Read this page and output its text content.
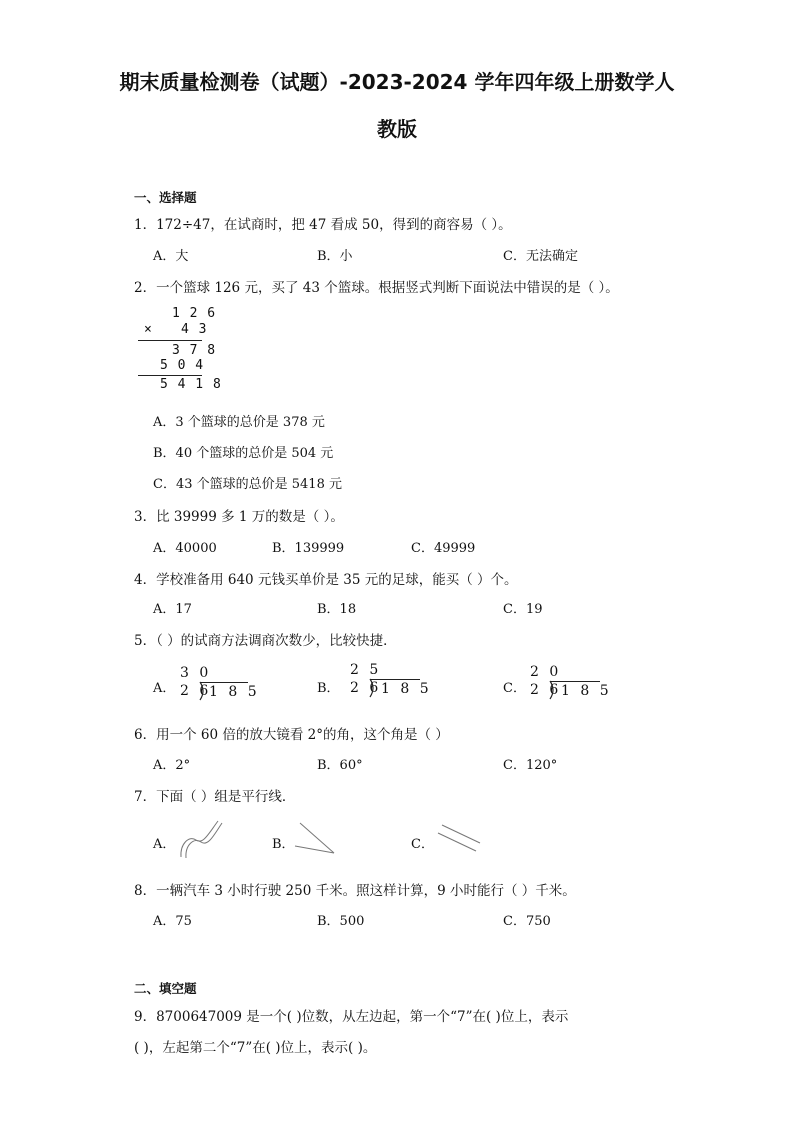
期末质量检测卷（试题）-2023-2024 学年四年级上册数学人
教版
一、选择题
1．172÷47，在试商时，把 47 看成 50，得到的商容易（ ）。
A．大	B．小	C．无法确定
2．一个篮球 126 元，买了 43 个篮球。根据竖式判断下面说法中错误的是（ ）。
1 2 6
× 4 3
3 7 8
5 0 4
5 4 1 8
A．3 个篮球的总价是 378 元
B．40 个篮球的总价是 504 元
C．43 个篮球的总价是 5418 元
3．比 39999 多 1 万的数是（ ）。
A．40000	B．139999	C．49999
4．学校准备用 640 元钱买单价是 35 元的足球，能买（ ）个。
A．17	B．18	C．19
5．（ ）的试商方法调商次数少，比较快捷．
A．
3 0
2 6
1 8 5	B．
2 5
2 6 1 8 5	C．
2 0
2 6 1 8 5
6．用一个 60 倍的放大镜看 2°的角，这个角是（ ）
A．2°	B．60°	C．120°
7．下面（ ）组是平行线．
A．	B．	C．
8．一辆汽车 3 小时行驶 250 千米。照这样计算，9 小时能行（ ）千米。
A．75	B．500	C．750
二、填空题
9．8700647009 是一个( )位数，从左边起，第一个“7”在( )位上，表示
( )，左起第二个“7”在( )位上，表示( )。
